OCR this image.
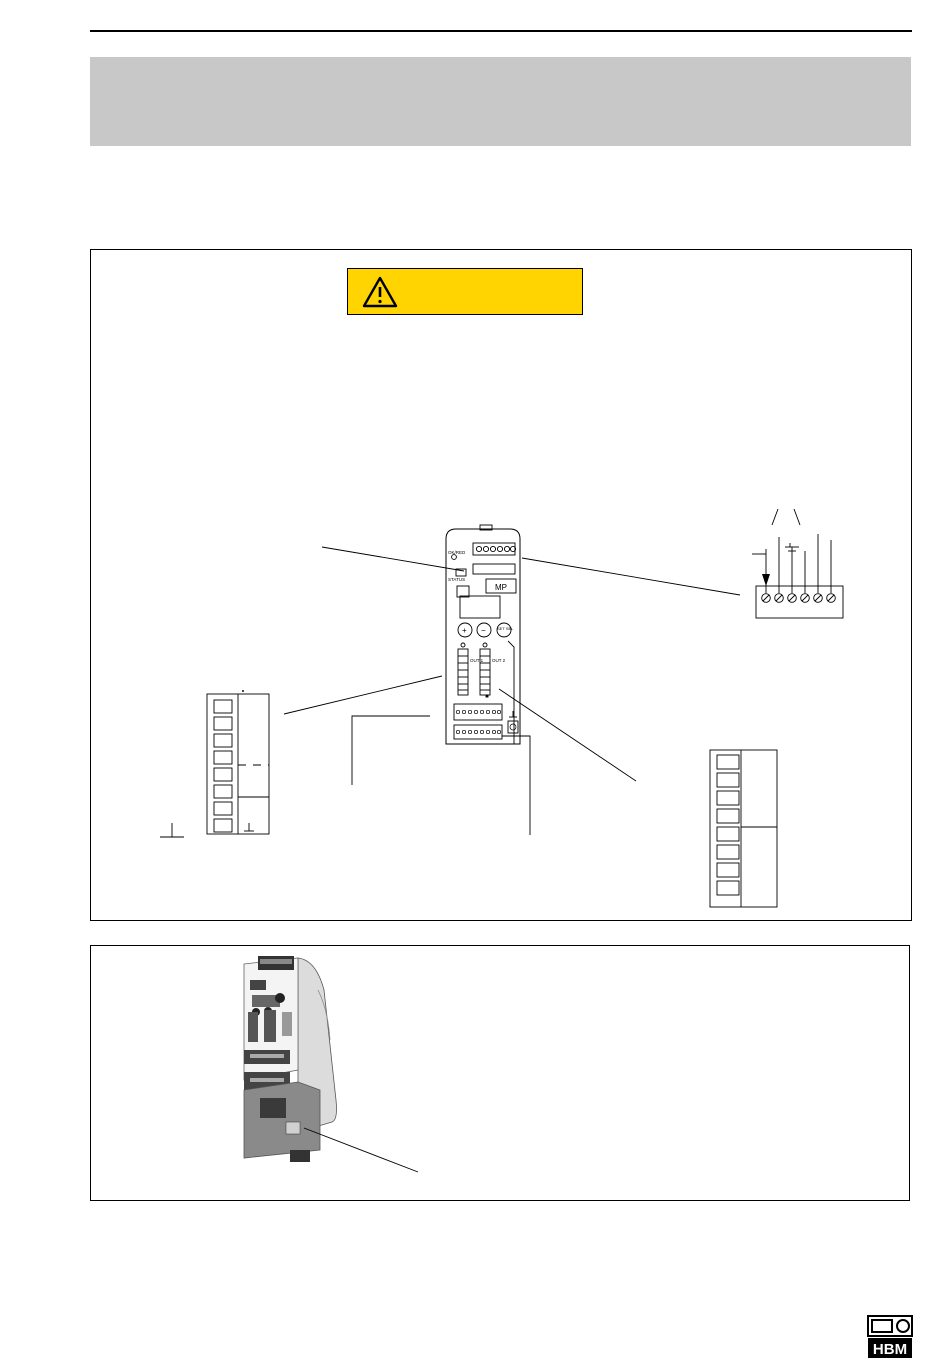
OK/RED
STATUS
MP
OUT 1 OUT 2
SET SEL
+ −
HBM
